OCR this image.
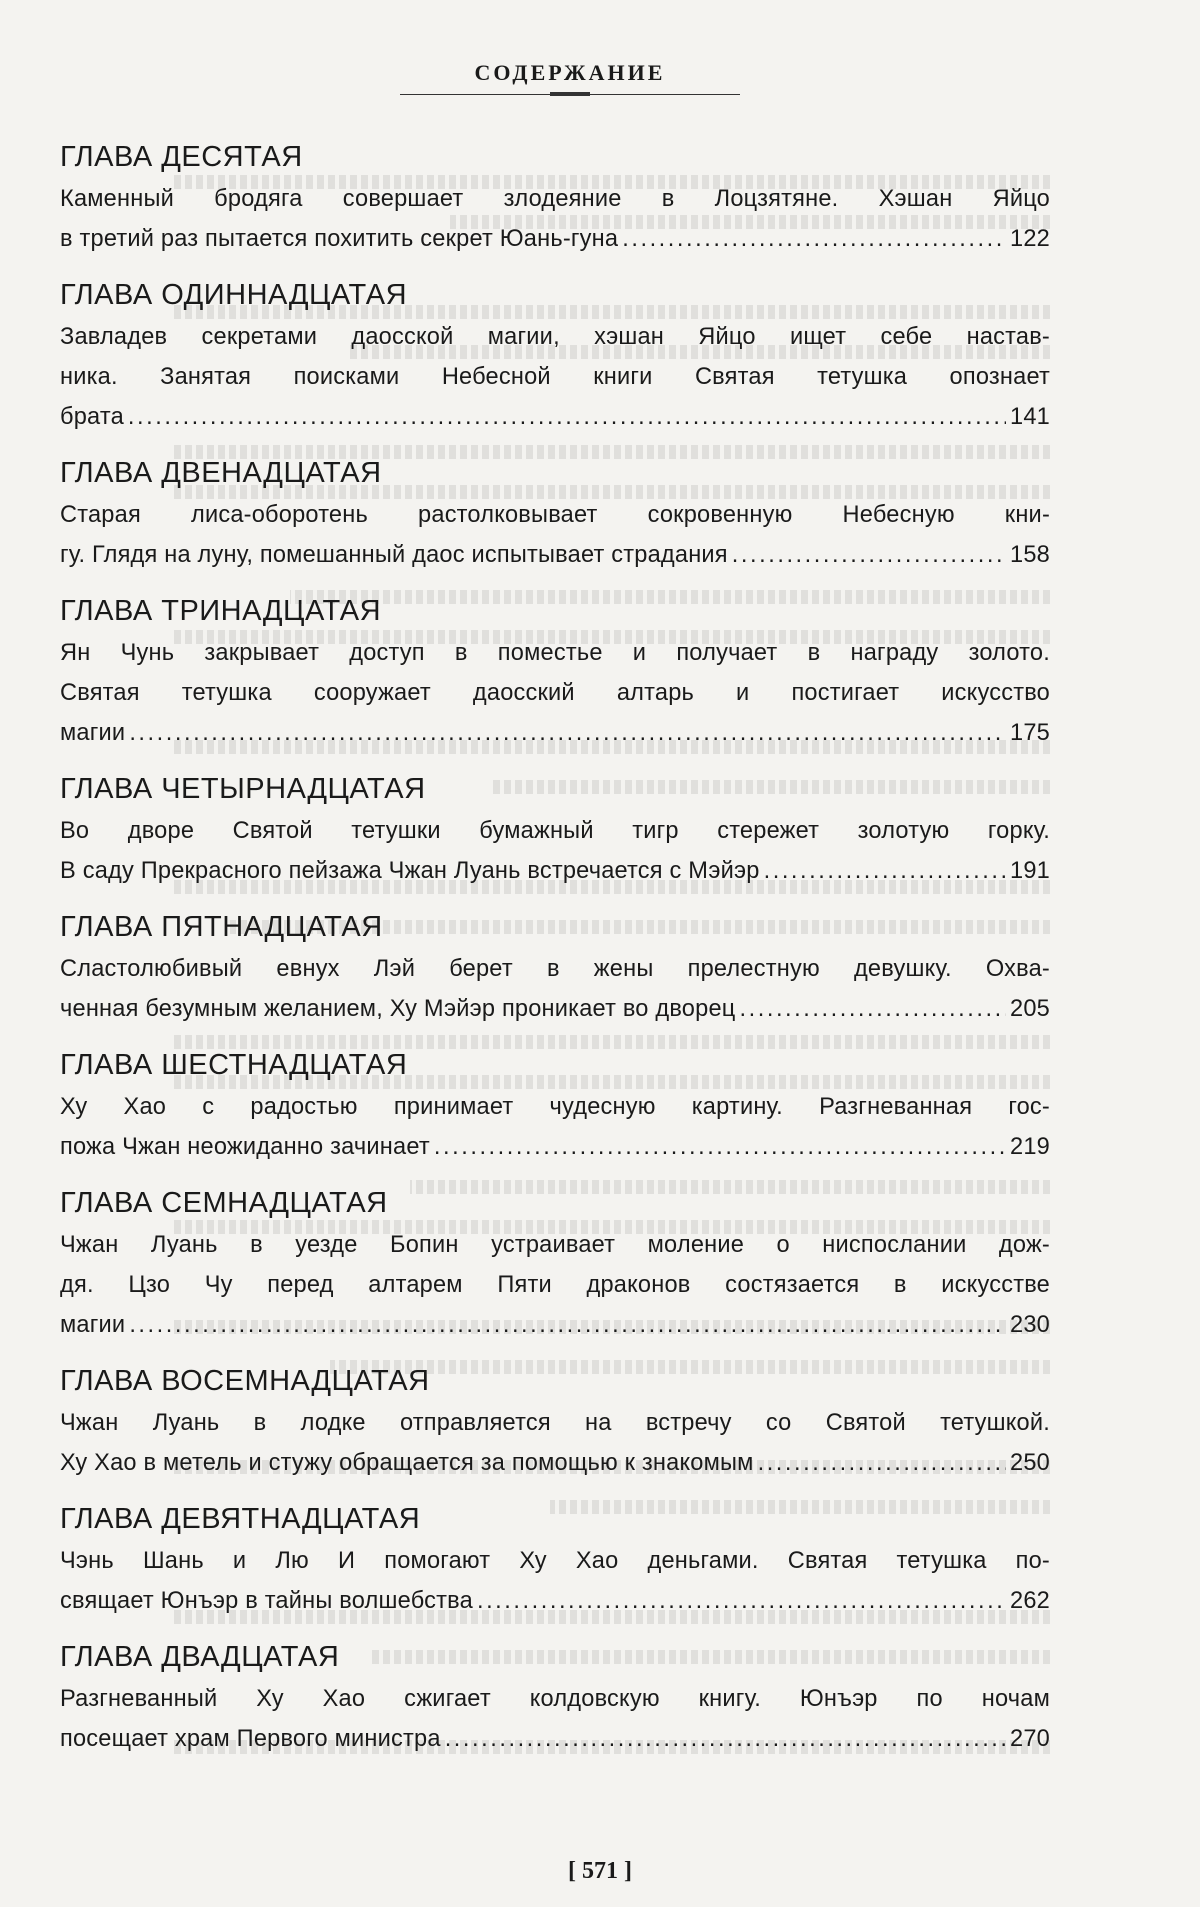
СОДЕРЖАНИЕ
ГЛАВА ДЕСЯТАЯ
Каменный бродяга совершает злодеяние в Лоцзятяне. Хэшан Яйцо
в третий раз пытается похитить секрет Юань-гуна . . .	122
ГЛАВА ОДИННАДЦАТАЯ
Завладев секретами даосской магии, хэшан Яйцо ищет себе настав-
ника. Занятая поисками Небесной книги Святая тетушка опознает
брата . . .	141
ГЛАВА ДВЕНАДЦАТАЯ
Старая лиса-оборотень растолковывает сокровенную Небесную кни-
гу. Глядя на луну, помешанный даос испытывает страдания . . .	158
ГЛАВА ТРИНАДЦАТАЯ
Ян Чунь закрывает доступ в поместье и получает в награду золото.
Святая тетушка сооружает даосский алтарь и постигает искусство
магии . . .	175
ГЛАВА ЧЕТЫРНАДЦАТАЯ
Во дворе Святой тетушки бумажный тигр стережет золотую горку.
В саду Прекрасного пейзажа Чжан Луань встречается с Мэйэр . . .	191
ГЛАВА ПЯТНАДЦАТАЯ
Сластолюбивый евнух Лэй берет в жены прелестную девушку. Охва-
ченная безумным желанием, Ху Мэйэр проникает во дворец . . .	205
ГЛАВА ШЕСТНАДЦАТАЯ
Ху Хао с радостью принимает чудесную картину. Разгневанная гос-
пожа Чжан неожиданно зачинает . . .	219
ГЛАВА СЕМНАДЦАТАЯ
Чжан Луань в уезде Бопин устраивает моление о ниспослании дож-
дя. Цзо Чу перед алтарем Пяти драконов состязается в искусстве
магии . . .	230
ГЛАВА ВОСЕМНАДЦАТАЯ
Чжан Луань в лодке отправляется на встречу со Святой тетушкой.
Ху Хао в метель и стужу обращается за помощью к знакомым . . .	250
ГЛАВА ДЕВЯТНАДЦАТАЯ
Чэнь Шань и Лю И помогают Ху Хао деньгами. Святая тетушка по-
свящает Юнъэр в тайны волшебства . . .	262
ГЛАВА ДВАДЦАТАЯ
Разгневанный Ху Хао сжигает колдовскую книгу. Юнъэр по ночам
посещает храм Первого министра . . .	270
[ 571 ]
